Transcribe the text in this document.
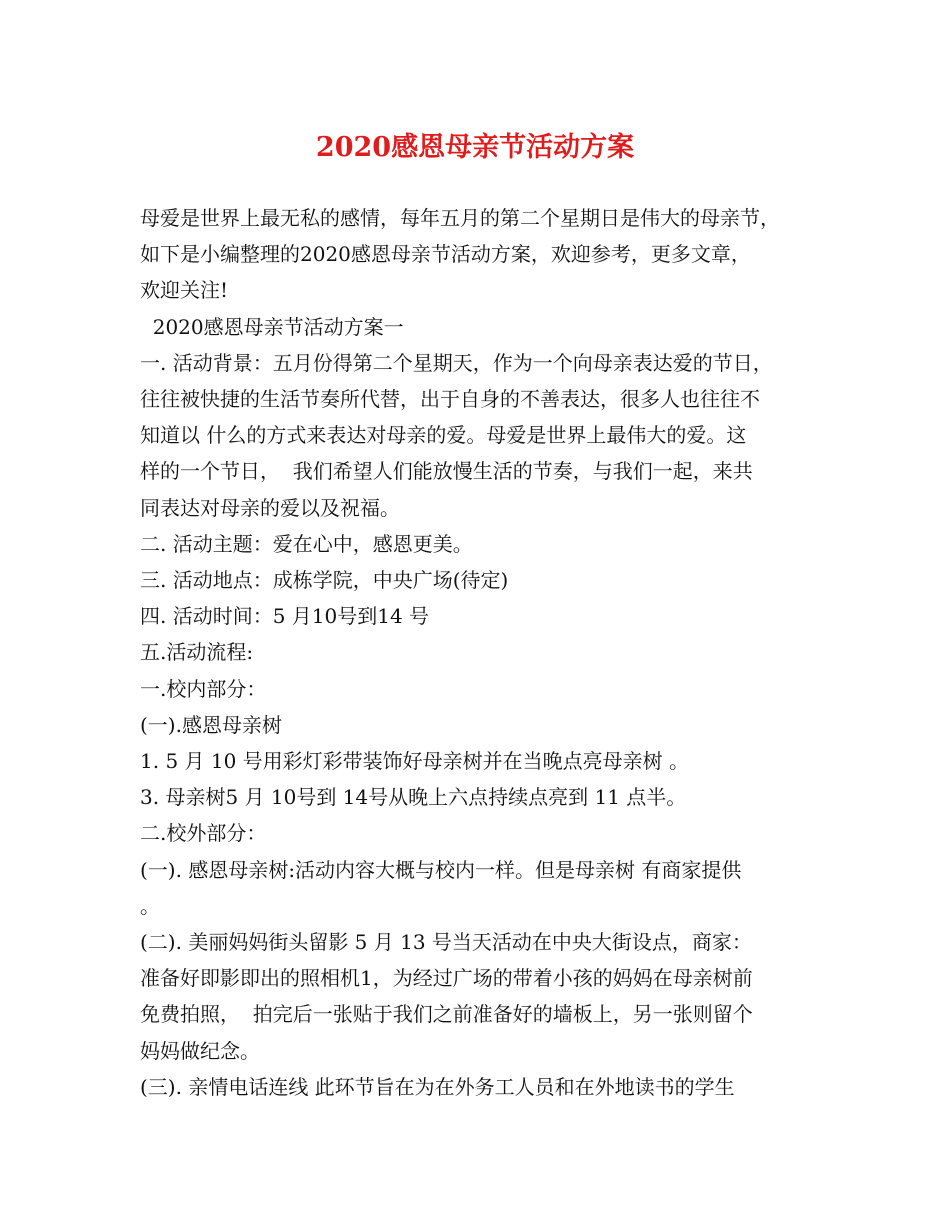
2020感恩母亲节活动方案

母爱是世界上最无私的感情，每年五月的第二个星期日是伟大的母亲节，

如下是小编整理的2020感恩母亲节活动方案，欢迎参考，更多文章，

欢迎关注!

2020感恩母亲节活动方案一

一. 活动背景：五月份得第二个星期天，作为一个向母亲表达爱的节日，

往往被快捷的生活节奏所代替，出于自身的不善表达，很多人也往往不

知道以 什么的方式来表达对母亲的爱。母爱是世界上最伟大的爱。这

样的一个节日，  我们希望人们能放慢生活的节奏，与我们一起，来共

同表达对母亲的爱以及祝福。

二. 活动主题：爱在心中，感恩更美。

三. 活动地点：成栋学院，中央广场(待定)

四. 活动时间：5 月10号到14 号

五.活动流程:

一.校内部分：

(一).感恩母亲树

1. 5 月 10 号用彩灯彩带装饰好母亲树并在当晚点亮母亲树 。

3. 母亲树5 月 10号到 14号从晚上六点持续点亮到 11 点半。

二.校外部分：

(一). 感恩母亲树:活动内容大概与校内一样。但是母亲树 有商家提供

。

(二). 美丽妈妈街头留影 5 月 13 号当天活动在中央大街设点，商家：

准备好即影即出的照相机1，为经过广场的带着小孩的妈妈在母亲树前

免费拍照，  拍完后一张贴于我们之前准备好的墙板上，另一张则留个

妈妈做纪念。

(三). 亲情电话连线 此环节旨在为在外务工人员和在外地读书的学生
